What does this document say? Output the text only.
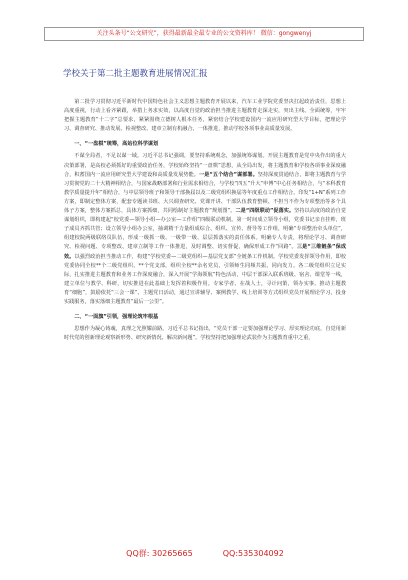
关注头条号“公文研究”，获得最新最全最专业的公文资料库！ 微信：gongwenyj
学校关于第二批主题教育进展情况汇报

第二批学习贯彻习近平新时代中国特色社会主义思想主题教育开展以来，汽车工业学院党委坚决扛起政治责任，思想上高度重视，行动上看齐紧跟，举措上务求实效，以高度自觉的政治担当推进主题教育走深走实，突出主线、全面统筹，牢牢把握主题教育“十二字”总要求，紧紧围绕立德树人根本任务，紧密结合学校建设国内一流应用研究型大学目标，把理论学习、调查研究、推动发展、检视整改、建章立制有机融合、一体推进，推动学校各项事业高质量发展。

一、“一盘棋”统筹，高站位科学谋划

不谋全局者，不足以谋一域。习近平总书记强调，要坚持系统观念，加强统筹谋划。开展主题教育是党中央作出的重大决策部署，是高校必须抓好的重要政治任务，学校始终坚持“一盘棋”思想，从全局出发，将主题教育和学校各项事业深度融合，积蓄国内一流应用研究型大学建设和高质量发展势能。一是“五个结合”谋部署。坚持深度贯通结合，即将主题教育与学习贯彻党的二十大精神相结合，与国家战略部署和行业需求相结合，与学校“四五”升大“申博”中心任务相结合，与“本科教育教学质量提升年”相结合，与中层领导班子和领导干部换届以及二级党组织换届等年度重点工作相结合。印发“1+N”系列工作方案，即制定整体方案，配套专题读书班、大兴调查研究、党课开讲、干部队伍教育整顿、不担当不作为专项整治等多个具体子方案，整体方案抓总，具体方案抓细，共同绘制好主题教育“规划图”。二是“四级联动”促落实。坚持以高度的政治自觉谋划组织，即构建起“校党委—领导小组—办公室—工作组”四级联动机制。第一时间成立领导小组，党委书记亲自挂帅，班子成员齐抓共管；设立领导小组办公室，抽调精干力量组成综合、组织、宣传、督导等工作组，明确“专项整治牵头单位”，组建校院两级联络员队伍，形成一级抓一级、一级带一级、层层抓落实的责任体系。明确专人专责，将理论学习、调查研究、检视问题、专项整改、建章立制等工作一体推进，及时调整、切实督促，确保形成工作“回路”。三是“三维链条”保成效。以强烈政治担当推动工作，构建“学校党委—二级党组织—基层党支部”全链条工作机制。学校党委发挥领导作用，即校党委协同全校**个二级党组织、**个党支部，组织全校**余名党员，引领师生同频共振、同向发力。各二级党组织立足实际，扎实推进主题教育和业务工作深度融合，深入开展“学海领航”特色活动，中层干部深入联系班级、宿舍、课堂等一线，建立单位与教学、科研，切实推进在此基础上发挥着积极作用。专家学者、在战人士，寻计问策，领办实事。推动主题教育“细胞”，鼓励依托“三会一课”、主题党日活动，通过宣讲辅导、案例教学、线上培训等方式组织党员开展理论学习，投身实践服务，落实落细主题教育“最后一公里”。

二、“一面旗”引领，强理论筑牢根基

思想作为凝心铸魂，真理之光照耀前路。习近平总书记指出，“党员干部一定要加强理论学习、厚实理论功底，自觉用新时代党的创新理论观察新形势、研究新情况、解决新问题”。学校坚持把加强理论武装作为主题教育重中之重，

QQ群: 30265665	QQ:535304092
